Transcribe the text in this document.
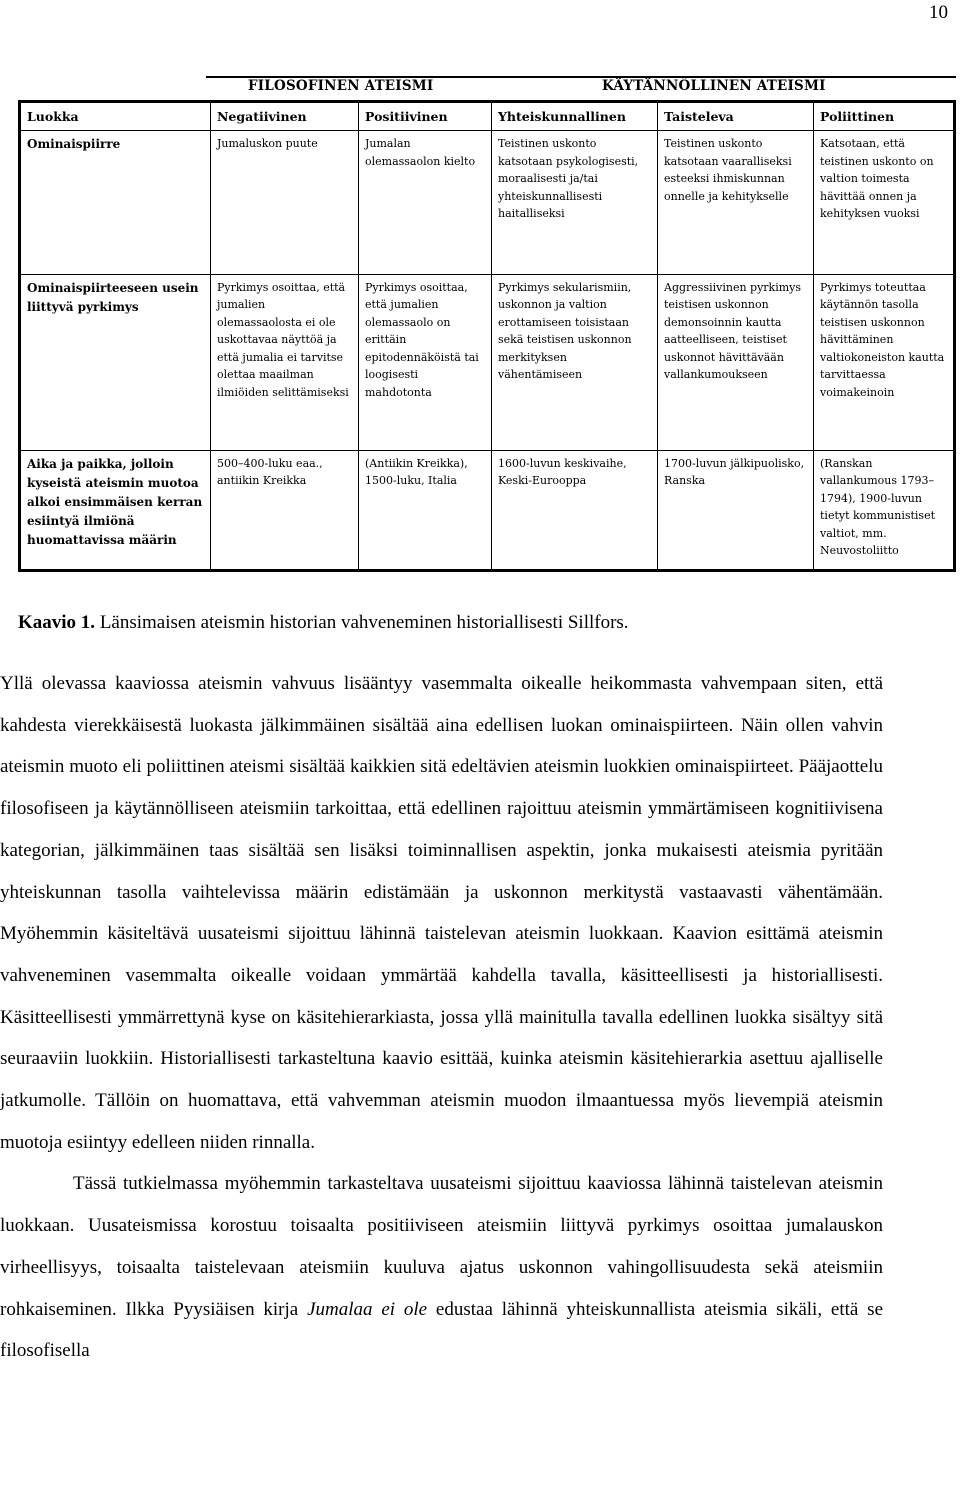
10
FILOSOFINEN ATEISMI	KÄYTÄNNÖLLINEN ATEISMI
Luokka	Negatiivinen	Positiivinen	Yhteiskunnallinen	Taisteleva	Poliittinen
Ominaispiirre	Jumaluskon puute	Jumalan olemassaolon kielto	Teistinen uskonto katsotaan psykologisesti, moraalisesti ja/tai yhteiskunnallisesti haitalliseksi	Teistinen uskonto katsotaan vaaralliseksi esteeksi ihmiskunnan onnelle ja kehitykselle	Katsotaan, että teistinen uskonto on valtion toimesta hävittää onnen ja kehityksen vuoksi
Ominaispiirteeseen usein liittyvä pyrkimys	Pyrkimys osoittaa, että jumalien olemassaolosta ei ole uskottavaa näyttöä ja että jumalia ei tarvitse olettaa maailman ilmiöiden selittämiseksi	Pyrkimys osoittaa, että jumalien olemassaolo on erittäin epitodennäköistä tai loogisesti mahdotonta	Pyrkimys sekularismiin, uskonnon ja valtion erottamiseen toisistaan sekä teistisen uskonnon merkityksen vähentämiseen	Aggressiivinen pyrkimys teistisen uskonnon demonsoinnin kautta aatteelliseen, teistiset uskonnot hävittävään vallankumoukseen	Pyrkimys toteuttaa käytännön tasolla teistisen uskonnon hävittäminen valtiokoneiston kautta tarvittaessa voimakeinoin
Aika ja paikka, jolloin kyseistä ateismin muotoa alkoi ensimmäisen kerran esiintyä ilmiönä huomattavissa määrin	500–400-luku eaa., antiikin Kreikka	(Antiikin Kreikka), 1500-luku, Italia	1600-luvun keskivaihe, Keski-Eurooppa	1700-luvun jälkipuolisko, Ranska	(Ranskan vallankumous 1793–1794), 1900-luvun tietyt kommunistiset valtiot, mm. Neuvostoliitto
Kaavio 1. Länsimaisen ateismin historian vahveneminen historiallisesti Sillfors.

Yllä olevassa kaaviossa ateismin vahvuus lisääntyy vasemmalta oikealle heikommasta vahvempaan siten, että kahdesta vierekkäisestä luokasta jälkimmäinen sisältää aina edellisen luokan ominaispiirteen. Näin ollen vahvin ateismin muoto eli poliittinen ateismi sisältää kaikkien sitä edeltävien ateismin luokkien ominaispiirteet. Pääjaottelu filosofiseen ja käytännölliseen ateismiin tarkoittaa, että edellinen rajoittuu ateismin ymmärtämiseen kognitiivisena kategorian, jälkimmäinen taas sisältää sen lisäksi toiminnallisen aspektin, jonka mukaisesti ateismia pyritään yhteiskunnan tasolla vaihtelevissa määrin edistämään ja uskonnon merkitystä vastaavasti vähentämään. Myöhemmin käsiteltävä uusateismi sijoittuu lähinnä taistelevan ateismin luokkaan. Kaavion esittämä ateismin vahveneminen vasemmalta oikealle voidaan ymmärtää kahdella tavalla, käsitteellisesti ja historiallisesti. Käsitteellisesti ymmärrettynä kyse on käsitehierarkiasta, jossa yllä mainitulla tavalla edellinen luokka sisältyy sitä seuraaviin luokkiin. Historiallisesti tarkasteltuna kaavio esittää, kuinka ateismin käsitehierarkia asettuu ajalliselle jatkumolle. Tällöin on huomattava, että vahvemman ateismin muodon ilmaantuessa myös lievempiä ateismin muotoja esiintyy edelleen niiden rinnalla.

Tässä tutkielmassa myöhemmin tarkasteltava uusateismi sijoittuu kaaviossa lähinnä taistelevan ateismin luokkaan. Uusateismissa korostuu toisaalta positiiviseen ateismiin liittyvä pyrkimys osoittaa jumalauskon virheellisyys, toisaalta taistelevaan ateismiin kuuluva ajatus uskonnon vahingollisuudesta sekä ateismiin rohkaiseminen. Ilkka Pyysiäisen kirja Jumalaa ei ole edustaa lähinnä yhteiskunnallista ateismia sikäli, että se filosofisella
